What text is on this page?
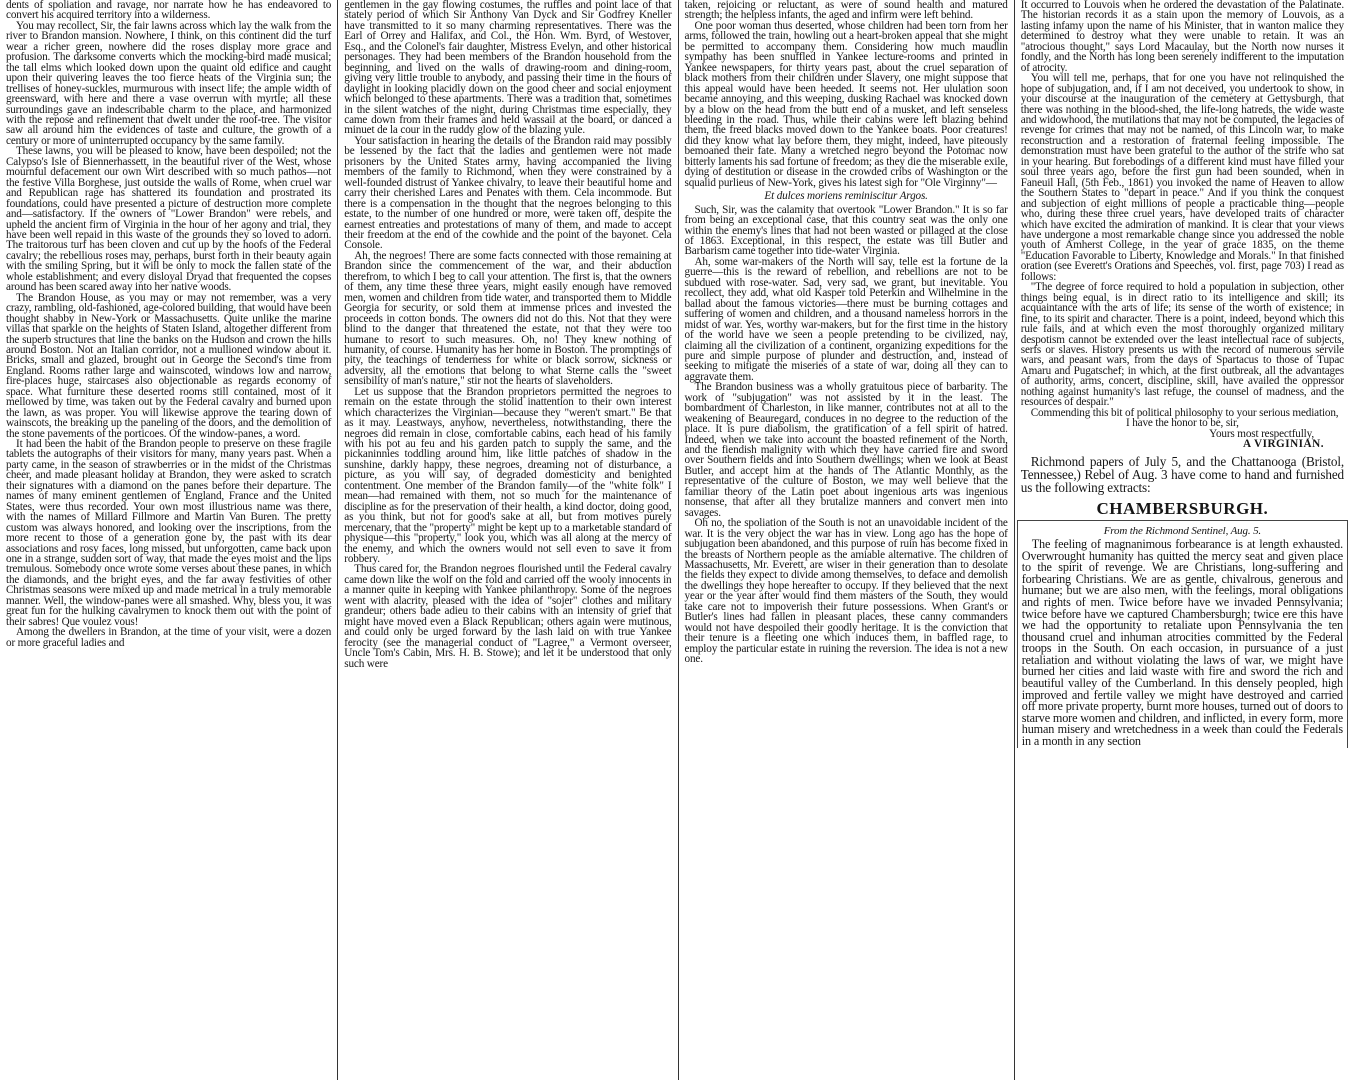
dents of spoliation and ravage, nor narrate how he has endeavored to convert his acquired territory into a wilderness.

You may recollect, Sir, the fair lawns across which lay the walk from the river to Brandon mansion. Nowhere, I think, on this continent did the turf wear a richer green, nowhere did the roses display more grace and profusion. The darksome converts which the mocking-bird made musical; the tall elms which looked down upon the quaint old edifice and caught upon their quivering leaves the too fierce heats of the Virginia sun; the trellises of honey-suckles, murmurous with insect life; the ample width of greensward, with here and there a vase overrun with myrtle; all these surroundings gave an indescribable charm to the place, and harmonized with the repose and refinement that dwelt under the roof-tree. The visitor saw all around him the evidences of taste and culture, the growth of a century or more of uninterrupted occupancy by the same family.

These lawns, you will be pleased to know, have been despoiled; not the Calypso's Isle of Biennerhassett, in the beautiful river of the West, whose mournful defacement our own Wirt described with so much pathos—not the festive Villa Borghese, just outside the walls of Rome, when cruel war and Republican rage has shattered its foundation and prostrated its foundations, could have presented a picture of destruction more complete and—satisfactory. If the owners of "Lower Brandon" were rebels, and upheld the ancient firm of Virginia in the hour of her agony and trial, they have been well repaid in this waste of the grounds they so loved to adorn. The traitorous turf has been cloven and cut up by the hoofs of the Federal cavalry; the rebellious roses may, perhaps, burst forth in their beauty again with the smiling Spring, but it will be only to mock the fallen state of the whole establishment; and every disloyal Dryad that frequented the copses around has been scared away into her native woods.

The Brandon House, as you may or may not remember, was a very crazy, rambling, old-fashioned, age-colored building, that would have been thought shabby in New-York or Massachusetts. Quite unlike the marine villas that sparkle on the heights of Staten Island, altogether different from the superb structures that line the banks on the Hudson and crown the hills around Boston. Not an Italian corridor, not a mullioned window about it. Bricks, small and glazed, brought out in George the Second's time from England. Rooms rather large and wainscoted, windows low and narrow, fire-places huge, staircases also objectionable as regards economy of space. What furniture these deserted rooms still contained, most of it mellowed by time, was taken out by the Federal cavalry and burned upon the lawn, as was proper. You will likewise approve the tearing down of wainscots, the breaking up the paneling of the doors, and the demolition of the stone pavements of the porticoes. Of the window-panes, a word.

It had been the habit of the Brandon people to preserve on these fragile tablets the autographs of their visitors for many, many years past. When a party came, in the season of strawberries or in the midst of the Christmas cheer, and made pleasant holiday at Brandon, they were asked to scratch their signatures with a diamond on the panes before their departure. The names of many eminent gentlemen of England, France and the United States, were thus recorded. Your own most illustrious name was there, with the names of Millard Fillmore and Martin Van Buren. The pretty custom was always honored, and looking over the inscriptions, from the more recent to those of a generation gone by, the past with its dear associations and rosy faces, long missed, but unforgotten, came back upon one in a strange, sudden sort of way, that made the eyes moist and the lips tremulous. Somebody once wrote some verses about these panes, in which the diamonds, and the bright eyes, and the far away festivities of other Christmas seasons were mixed up and made metrical in a truly memorable manner. Well, the window-panes were all smashed. Why, bless you, it was great fun for the hulking cavalrymen to knock them out with the point of their sabres! Que voulez vous!

Among the dwellers in Brandon, at the time of your visit, were a dozen or more graceful ladies and

gentlemen in the gay flowing costumes, the ruffles and point lace of that stately period of which Sir Anthony Van Dyck and Sir Godfrey Kneller have transmitted to it so many charming representatives. There was the Earl of Orrey and Halifax, and Col., the Hon. Wm. Byrd, of Westover, Esq., and the Colonel's fair daughter, Mistress Evelyn, and other historical personages. They had been members of the Brandon household from the beginning, and lived on the walls of drawing-room and dining-room, giving very little trouble to anybody, and passing their time in the hours of daylight in looking placidly down on the good cheer and social enjoyment which belonged to these apartments. There was a tradition that, sometimes in the silent watches of the night, during Christmas time especially, they came down from their frames and held wassail at the board, or danced a minuet de la cour in the ruddy glow of the blazing yule.

Your satisfaction in hearing the details of the Brandon raid may possibly be lessened by the fact that the ladies and gentlemen were not made prisoners by the United States army, having accompanied the living members of the family to Richmond, when they were constrained by a well-founded distrust of Yankee chivalry, to leave their beautiful home and carry their cherished Lares and Penates with them. Cela incommode. But there is a compensation in the thought that the negroes belonging to this estate, to the number of one hundred or more, were taken off, despite the earnest entreaties and protestations of many of them, and made to accept their freedom at the end of the cowhide and the point of the bayonet. Cela Console.

Ah, the negroes! There are some facts connected with those remaining at Brandon since the commencement of the war, and their abduction therefrom, to which I beg to call your attention. The first is, that the owners of them, any time these three years, might easily enough have removed men, women and children from tide water, and transported them to Middle Georgia for security, or sold them at immense prices and invested the proceeds in cotton bonds. The owners did not do this. Not that they were blind to the danger that threatened the estate, not that they were too humane to resort to such measures. Oh, no! They knew nothing of humanity, of course. Humanity has her home in Boston. The promptings of pity, the teachings of tenderness for white or black sorrow, sickness or adversity, all the emotions that belong to what Sterne calls the "sweet sensibility of man's nature," stir not the hearts of slaveholders.

Let us suppose that the Brandon proprietors permitted the negroes to remain on the estate through the stolid inattention to their own interest which characterizes the Virginian—because they "weren't smart." Be that as it may. Leastways, anyhow, nevertheless, notwithstanding, there the negroes did remain in close, comfortable cabins, each head of his family with his pot au feu and his garden patch to supply the same, and the pickaninnies toddling around him, like little patches of shadow in the sunshine, darkly happy, these negroes, dreaming not of disturbance, a picture, as you will say, of degraded domesticity and benighted contentment. One member of the Brandon family—of the "white folk" I mean—had remained with them, not so much for the maintenance of discipline as for the preservation of their health, a kind doctor, doing good, as you think, but not for good's sake at all, but from motives purely mercenary, that the "property" might be kept up to a marketable standard of physique—this "property," look you, which was all along at the mercy of the enemy, and which the owners would not sell even to save it from robbery.

Thus cared for, the Brandon negroes flourished until the Federal cavalry came down like the wolf on the fold and carried off the wooly innocents in a manner quite in keeping with Yankee philanthropy. Some of the negroes went with alacrity, pleased with the idea of "sojer" clothes and military grandeur; others bade adieu to their cabins with an intensity of grief that might have moved even a Black Republican; others again were mutinous, and could only be urged forward by the lash laid on with true Yankee ferocity (see the managerial conduct of "Lagree," a Vermont overseer, Uncle Tom's Cabin, Mrs. H. B. Stowe); and let it be understood that only such were

taken, rejoicing or reluctant, as were of sound health and matured strength; the helpless infants, the aged and infirm were left behind.

One poor woman thus deserted, whose children had been torn from her arms, followed the train, howling out a heart-broken appeal that she might be permitted to accompany them. Considering how much maudlin sympathy has been snuffled in Yankee lecture-rooms and printed in Yankee newspapers, for thirty years past, about the cruel separation of black mothers from their children under Slavery, one might suppose that this appeal would have been heeded. It seems not. Her ululation soon became annoying, and this weeping, dusking Rachael was knocked down by a blow on the head from the butt end of a musket, and left senseless bleeding in the road. Thus, while their cabins were left blazing behind them, the freed blacks moved down to the Yankee boats. Poor creatures! did they know what lay before them, they might, indeed, have piteously bemoaned their fate. Many a wretched negro beyond the Potomac now bitterly laments his sad fortune of freedom; as they die the miserable exile, dying of destitution or disease in the crowded cribs of Washington or the squalid purlieus of New-York, gives his latest sigh for "Ole Virginny"—

Et dulces moriens reminiscitur Argos.

Such, Sir, was the calamity that overtook "Lower Brandon." It is so far from being an exceptional case, that this country seat was the only one within the enemy's lines that had not been wasted or pillaged at the close of 1863. Exceptional, in this respect, the estate was till Butler and Barbarism came together into tide-water Virginia.

Ah, some war-makers of the North will say, telle est la fortune de la guerre—this is the reward of rebellion, and rebellions are not to be subdued with rose-water. Sad, very sad, we grant, but inevitable. You recollect, they add, what old Kasper told Peterkin and Wilhelmine in the ballad about the famous victories—there must be burning cottages and suffering of women and children, and a thousand nameless horrors in the midst of war. Yes, worthy war-makers, but for the first time in the history of the world have we seen a people pretending to be civilized, nay, claiming all the civilization of a continent, organizing expeditions for the pure and simple purpose of plunder and destruction, and, instead of seeking to mitigate the miseries of a state of war, doing all they can to aggravate them.

The Brandon business was a wholly gratuitous piece of barbarity. The work of "subjugation" was not assisted by it in the least. The bombardment of Charleston, in like manner, contributes not at all to the weakening of Beauregard, conduces in no degree to the reduction of the place. It is pure diabolism, the gratification of a fell spirit of hatred. Indeed, when we take into account the boasted refinement of the North, and the fiendish malignity with which they have carried fire and sword over Southern fields and into Southern dwellings; when we look at Beast Butler, and accept him at the hands of The Atlantic Monthly, as the representative of the culture of Boston, we may well believe that the familiar theory of the Latin poet about ingenious arts was ingenious nonsense, that after all they brutalize manners and convert men into savages.

Oh no, the spoliation of the South is not an unavoidable incident of the war. It is the very object the war has in view. Long ago has the hope of subjugation been abandoned, and this purpose of ruin has become fixed in the breasts of Northern people as the amiable alternative. The children of Massachusetts, Mr. Everett, are wiser in their generation than to desolate the fields they expect to divide among themselves, to deface and demolish the dwellings they hope hereafter to occupy. If they believed that the next year or the year after would find them masters of the South, they would take care not to impoverish their future possessions. When Grant's or Butler's lines had fallen in pleasant places, these canny commanders would not have despoiled their goodly heritage. It is the conviction that their tenure is a fleeting one which induces them, in baffled rage, to employ the particular estate in ruining the reversion. The idea is not a new one.

It occurred to Louvois when he ordered the devastation of the Palatinate. The historian records it as a stain upon the memory of Louvois, as a lasting infamy upon the name of his Minister, that in wanton malice they determined to destroy what they were unable to retain. It was an "atrocious thought," says Lord Macaulay, but the North now nurses it fondly, and the North has long been serenely indifferent to the imputation of atrocity.

You will tell me, perhaps, that for one you have not relinquished the hope of subjugation, and, if I am not deceived, you undertook to show, in your discourse at the inauguration of the cemetery at Gettysburgh, that there was nothing in the blood-shed, the life-long hatreds, the wide waste and widowhood, the mutilations that may not be computed, the legacies of revenge for crimes that may not be named, of this Lincoln war, to make reconstruction and a restoration of fraternal feeling impossible. The demonstration must have been grateful to the author of the strife who sat in your hearing. But forebodings of a different kind must have filled your soul three years ago, before the first gun had been sounded, when in Faneuil Hall, (5th Feb., 1861) you invoked the name of Heaven to allow the Southern States to "depart in peace." And if you think the conquest and subjection of eight millions of people a practicable thing—people who, during these three cruel years, have developed traits of character which have excited the admiration of mankind. It is clear that your views have undergone a most remarkable change since you addressed the noble youth of Amherst College, in the year of grace 1835, on the theme "Education Favorable to Liberty, Knowledge and Morals." In that finished oration (see Everett's Orations and Speeches, vol. first, page 703) I read as follows:

"The degree of force required to hold a population in subjection, other things being equal, is in direct ratio to its intelligence and skill; its acquaintance with the arts of life; its sense of the worth of existence; in fine, to its spirit and character. There is a point, indeed, beyond which this rule fails, and at which even the most thoroughly organized military despotism cannot be extended over the least intellectual race of subjects, serfs or slaves. History presents us with the record of numerous servile wars, and peasant wars, from the days of Spartacus to those of Tupac Amaru and Pugatschef; in which, at the first outbreak, all the advantages of authority, arms, concert, discipline, skill, have availed the oppressor nothing against humanity's last refuge, the counsel of madness, and the resources of despair."

Commending this bit of political philosophy to your serious mediation,

I have the honor to be, sir,

Yours most respectfully,

A VIRGINIAN.

Richmond papers of July 5, and the Chattanooga (Bristol, Tennessee,) Rebel of Aug. 3 have come to hand and furnished us the following extracts:

CHAMBERSBURGH.

From the Richmond Sentinel, Aug. 5.

The feeling of magnanimous forbearance is at length exhausted. Overwrought humanity has quitted the mercy seat and given place to the spirit of revenge. We are Christians, long-suffering and forbearing Christians. We are as gentle, chivalrous, generous and humane; but we are also men, with the feelings, moral obligations and rights of men. Twice before have we invaded Pennsylvania; twice before have we captured Chambersburgh; twice ere this have we had the opportunity to retaliate upon Pennsylvania the ten thousand cruel and inhuman atrocities committed by the Federal troops in the South. On each occasion, in pursuance of a just retaliation and without violating the laws of war, we might have burned her cities and laid waste with fire and sword the rich and beautiful valley of the Cumberland. In this densely peopled, high improved and fertile valley we might have destroyed and carried off more private property, burnt more houses, turned out of doors to starve more women and children, and inflicted, in every form, more human misery and wretchedness in a week than could the Federals in a month in any section
